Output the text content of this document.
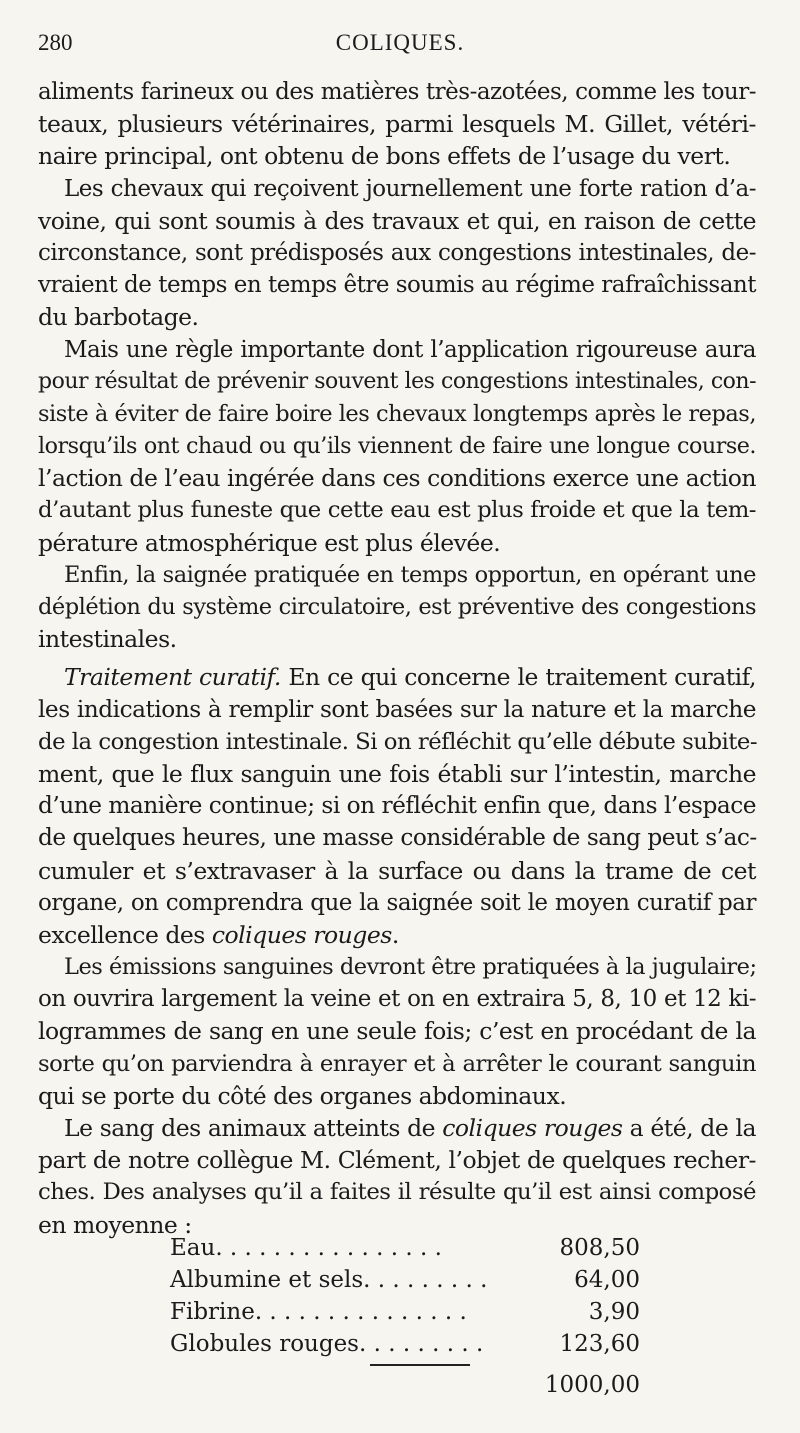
280	COLIQUES.
aliments farineux ou des matières très-azotées, comme les tour-
teaux, plusieurs vétérinaires, parmi lesquels M. Gillet, vétéri-
naire principal, ont obtenu de bons effets de l’usage du vert.
Les chevaux qui reçoivent journellement une forte ration d’a-
voine, qui sont soumis à des travaux et qui, en raison de cette
circonstance, sont prédisposés aux congestions intestinales, de-
vraient de temps en temps être soumis au régime rafraîchissant
du barbotage.
Mais une règle importante dont l’application rigoureuse aura
pour résultat de prévenir souvent les congestions intestinales, con-
siste à éviter de faire boire les chevaux longtemps après le repas,
lorsqu’ils ont chaud ou qu’ils viennent de faire une longue course.
l’action de l’eau ingérée dans ces conditions exerce une action
d’autant plus funeste que cette eau est plus froide et que la tem-
pérature atmosphérique est plus élevée.
Enfin, la saignée pratiquée en temps opportun, en opérant une
déplétion du système circulatoire, est préventive des congestions
intestinales.
Traitement curatif. En ce qui concerne le traitement curatif,
les indications à remplir sont basées sur la nature et la marche
de la congestion intestinale. Si on réfléchit qu’elle débute subite-
ment, que le flux sanguin une fois établi sur l’intestin, marche
d’une manière continue; si on réfléchit enfin que, dans l’espace
de quelques heures, une masse considérable de sang peut s’ac-
cumuler et s’extravaser à la surface ou dans la trame de cet
organe, on comprendra que la saignée soit le moyen curatif par
excellence des coliques rouges.
Les émissions sanguines devront être pratiquées à la jugulaire;
on ouvrira largement la veine et on en extraira 5, 8, 10 et 12 ki-
logrammes de sang en une seule fois; c’est en procédant de la
sorte qu’on parviendra à enrayer et à arrêter le courant sanguin
qui se porte du côté des organes abdominaux.
Le sang des animaux atteints de coliques rouges a été, de la
part de notre collègue M. Clément, l’objet de quelques recher-
ches. Des analyses qu’il a faites il résulte qu’il est ainsi composé
en moyenne :
Eau. . . . . . . . . . . . . . . .	808,50
Albumine et sels. . . . . . . . .	64,00
Fibrine. . . . . . . . . . . . . . .	3,90
Globules rouges. . . . . . . . .	123,60
1000,00
